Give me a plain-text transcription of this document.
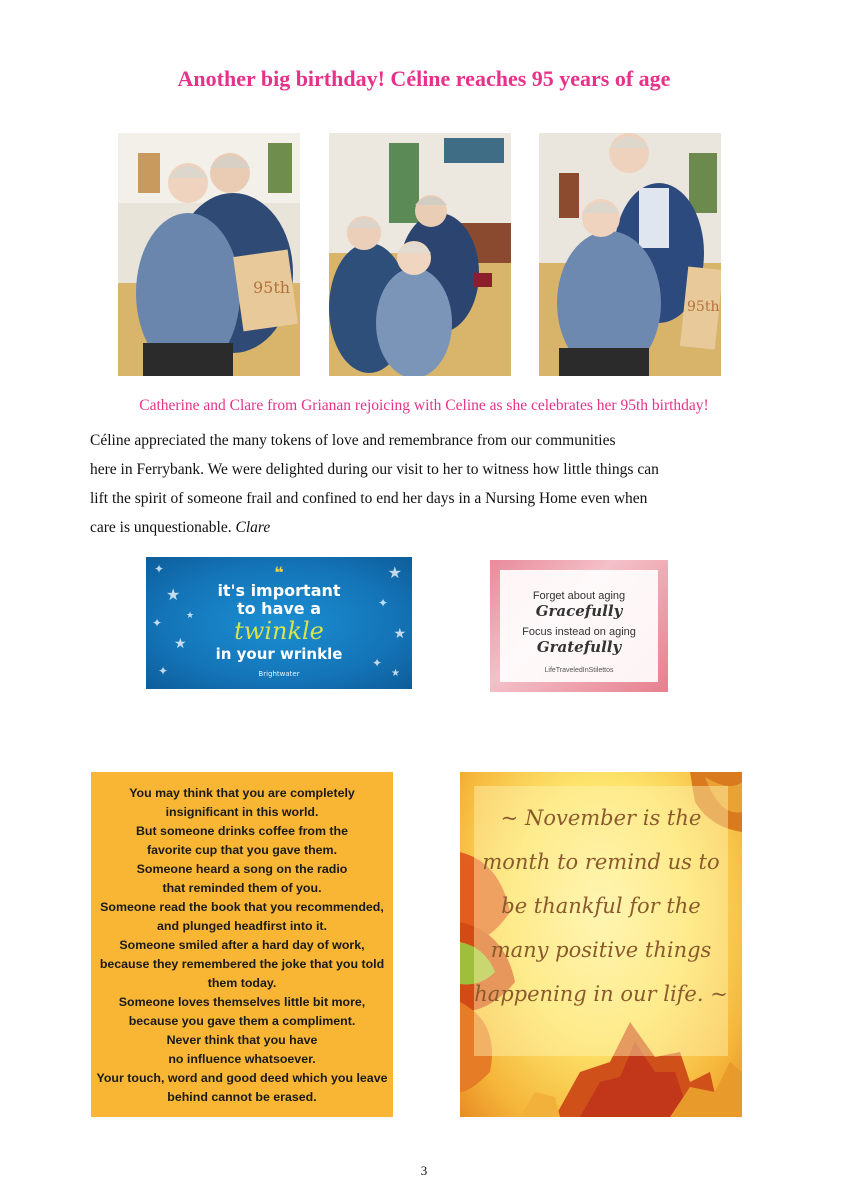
Another big birthday! Céline reaches 95 years of age
95th
95th
Catherine and Clare from Grianan rejoicing with Celine as she celebrates her 95th birthday!
Céline appreciated the many tokens of love and remembrance from our communities
here in Ferrybank. We were delighted during our visit to her to witness how little things can
lift the spirit of someone frail and confined to end her days in a Nursing Home even when
care is unquestionable. Clare
✦
★
✦
★
✦
★
★
✦
★
✦
★
❝
it's important
to have a
twinkle
in your wrinkle
Brightwater
Forget about aging
Gracefully
Focus instead on aging
Gratefully
LifeTraveledInStilettos
You may think that you are completely
insignificant in this world.
But someone drinks coffee from the
favorite cup that you gave them.
Someone heard a song on the radio
that reminded them of you.
Someone read the book that you recommended,
and plunged headfirst into it.
Someone smiled after a hard day of work,
because they remembered the joke that you told
them today.
Someone loves themselves little bit more,
because you gave them a compliment.
Never think that you have
no influence whatsoever.
Your touch, word and good deed which you leave
behind cannot be erased.
~ November is the
month to remind us to
be thankful for the
many positive things
happening in our life. ~
3
